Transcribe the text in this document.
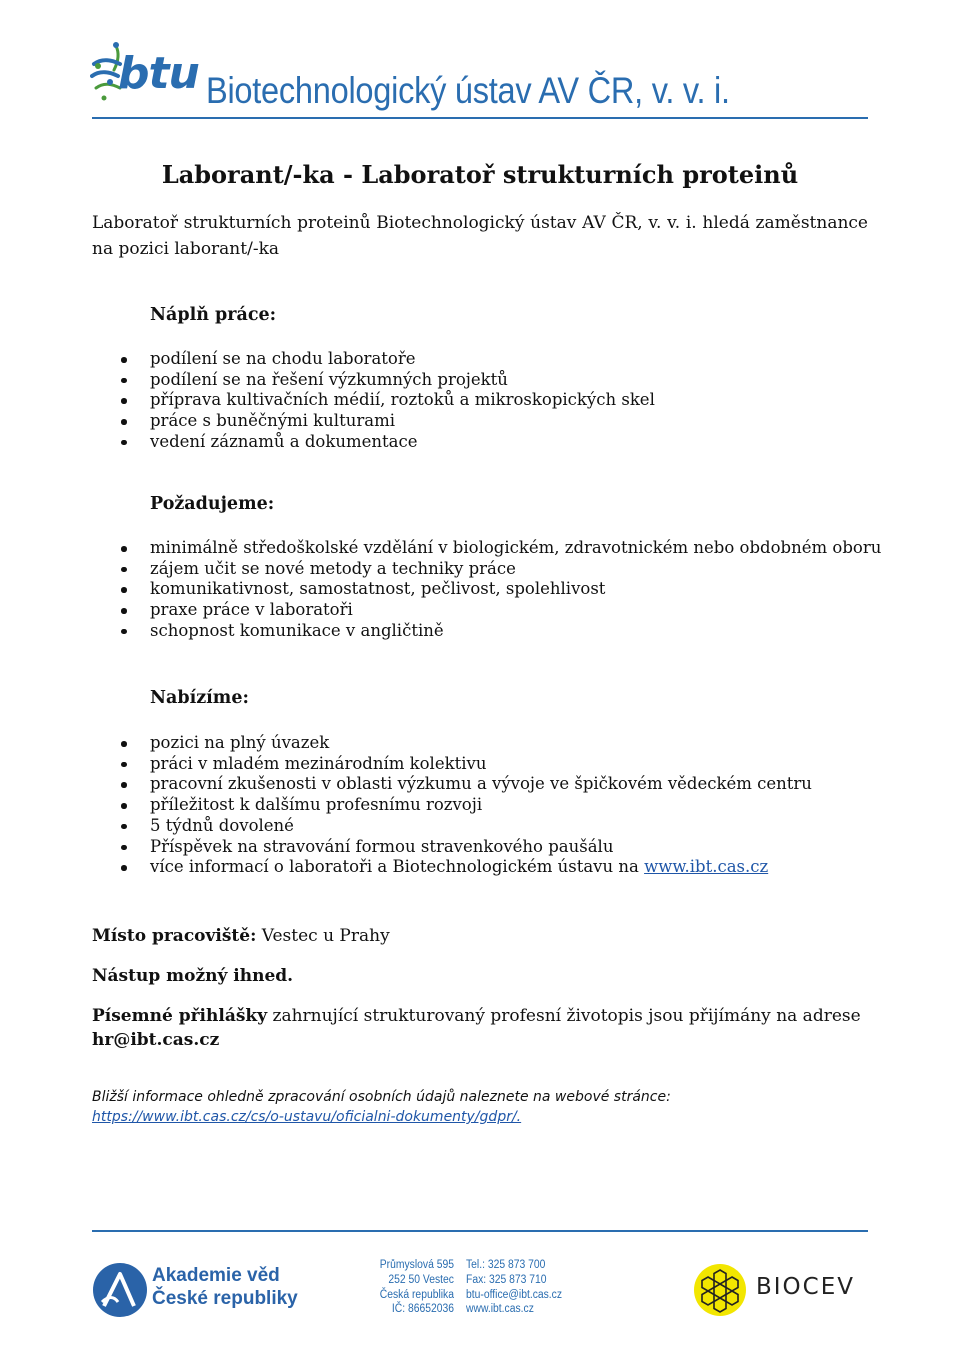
btu Biotechnologický ústav AV ČR, v. v. i.
Laborant/-ka - Laboratoř strukturních proteinů
Laboratoř strukturních proteinů Biotechnologický ústav AV ČR, v. v. i. hledá zaměstnance na pozici laborant/-ka
Náplň práce:
podílení se na chodu laboratoře
podílení se na řešení výzkumných projektů
příprava kultivačních médií, roztoků a mikroskopických skel
práce s buněčnými kulturami
vedení záznamů a dokumentace
Požadujeme:
minimálně středoškolské vzdělání v biologickém, zdravotnickém nebo obdobném oboru
zájem učit se nové metody a techniky práce
komunikativnost, samostatnost, pečlivost, spolehlivost
praxe práce v laboratoři
schopnost komunikace v angličtině
Nabízíme:
pozici na plný úvazek
práci v mladém mezinárodním kolektivu
pracovní zkušenosti v oblasti výzkumu a vývoje ve špičkovém vědeckém centru
příležitost k dalšímu profesnímu rozvoji
5 týdnů dovolené
Příspěvek na stravování formou stravenkového paušálu
více informací o laboratoři a Biotechnologickém ústavu na www.ibt.cas.cz
Místo pracoviště: Vestec u Prahy
Nástup možný ihned.
Písemné přihlášky zahrnující strukturovaný profesní životopis jsou přijímány na adrese
hr@ibt.cas.cz
Bližší informace ohledně zpracování osobních údajů naleznete na webové stránce:
https://www.ibt.cas.cz/cs/o-ustavu/oficialni-dokumenty/gdpr/.
Akademie věd
České republiky
Průmyslová 595
252 50 Vestec
Česká republika
IČ: 86652036
Tel.: 325 873 700
Fax: 325 873 710
btu-office@ibt.cas.cz
www.ibt.cas.cz
BIOCEV
